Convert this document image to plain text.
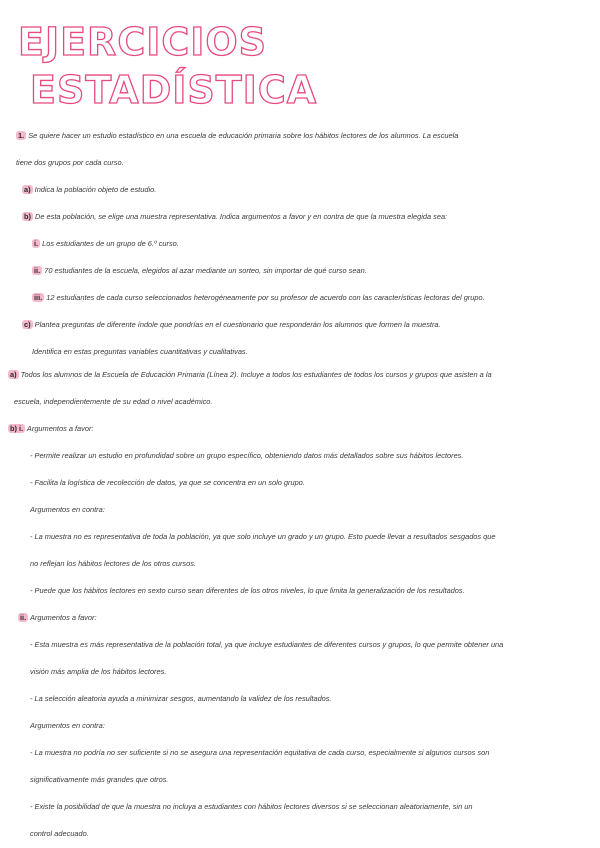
EJERCICIOS
ESTADÍSTICA
1. Se quiere hacer un estudio estadístico en una escuela de educación primaria sobre los hábitos lectores de los alumnos. La escuela
tiene dos grupos por cada curso.
a) Indica la población objeto de estudio.
b) De esta población, se elige una muestra representativa. Indica argumentos a favor y en contra de que la muestra elegida sea:
i. Los estudiantes de un grupo de 6.º curso.
ii. 70 estudiantes de la escuela, elegidos al azar mediante un sorteo, sin importar de qué curso sean.
iii. 12 estudiantes de cada curso seleccionados heterogéneamente por su profesor de acuerdo con las características lectoras del grupo.
c) Plantea preguntas de diferente índole que pondrías en el cuestionario que responderán los alumnos que formen la muestra.
Identifica en estas preguntas variables cuantitativas y cualitativas.
a) Todos los alumnos de la Escuela de Educación Primaria (Línea 2). Incluye a todos los estudiantes de todos los cursos y grupos que asisten a la
escuela, independientemente de su edad o nivel académico.
b) i. Argumentos a favor:
- Permite realizar un estudio en profundidad sobre un grupo específico, obteniendo datos más detallados sobre sus hábitos lectores.
- Facilita la logística de recolección de datos, ya que se concentra en un solo grupo.
Argumentos en contra:
- La muestra no es representativa de toda la población, ya que solo incluye un grado y un grupo. Esto puede llevar a resultados sesgados que
no reflejan los hábitos lectores de los otros cursos.
- Puede que los hábitos lectores en sexto curso sean diferentes de los otros niveles, lo que limita la generalización de los resultados.
ii. Argumentos a favor:
- Esta muestra es más representativa de la población total, ya que incluye estudiantes de diferentes cursos y grupos, lo que permite obtener una
visión más amplia de los hábitos lectores.
- La selección aleatoria ayuda a minimizar sesgos, aumentando la validez de los resultados.
Argumentos en contra:
- La muestra no podría no ser suficiente si no se asegura una representación equitativa de cada curso, especialmente si algunos cursos son
significativamente más grandes que otros.
- Existe la posibilidad de que la muestra no incluya a estudiantes con hábitos lectores diversos si se seleccionan aleatoriamente, sin un
control adecuado.
